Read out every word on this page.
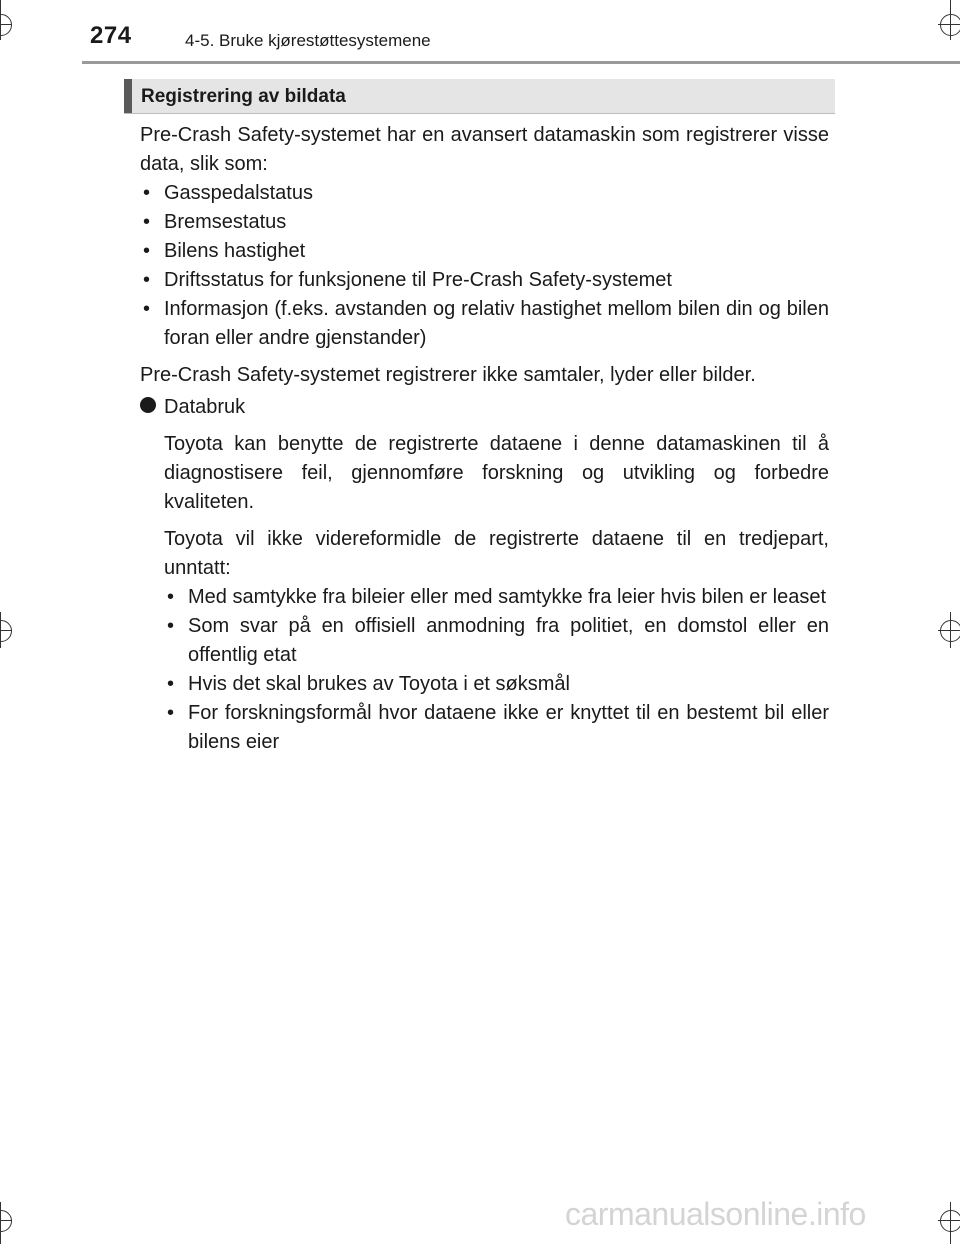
274	4-5. Bruke kjørestøttesystemene
Registrering av bildata

Pre-Crash Safety-systemet har en avansert datamaskin som registrerer visse data, slik som:

• Gasspedalstatus
• Bremsestatus
• Bilens hastighet
• Driftsstatus for funksjonene til Pre-Crash Safety-systemet
• Informasjon (f.eks. avstanden og relativ hastighet mellom bilen din og bilen foran eller andre gjenstander)

Pre-Crash Safety-systemet registrerer ikke samtaler, lyder eller bilder.

Databruk

Toyota kan benytte de registrerte dataene i denne datamaskinen til å diagnostisere feil, gjennomføre forskning og utvikling og forbedre kvaliteten.

Toyota vil ikke videreformidle de registrerte dataene til en tredjepart, unntatt:

• Med samtykke fra bileier eller med samtykke fra leier hvis bilen er leaset
• Som svar på en offisiell anmodning fra politiet, en domstol eller en offentlig etat
• Hvis det skal brukes av Toyota i et søksmål
• For forskningsformål hvor dataene ikke er knyttet til en bestemt bil eller bilens eier
carmanualsonline.info
